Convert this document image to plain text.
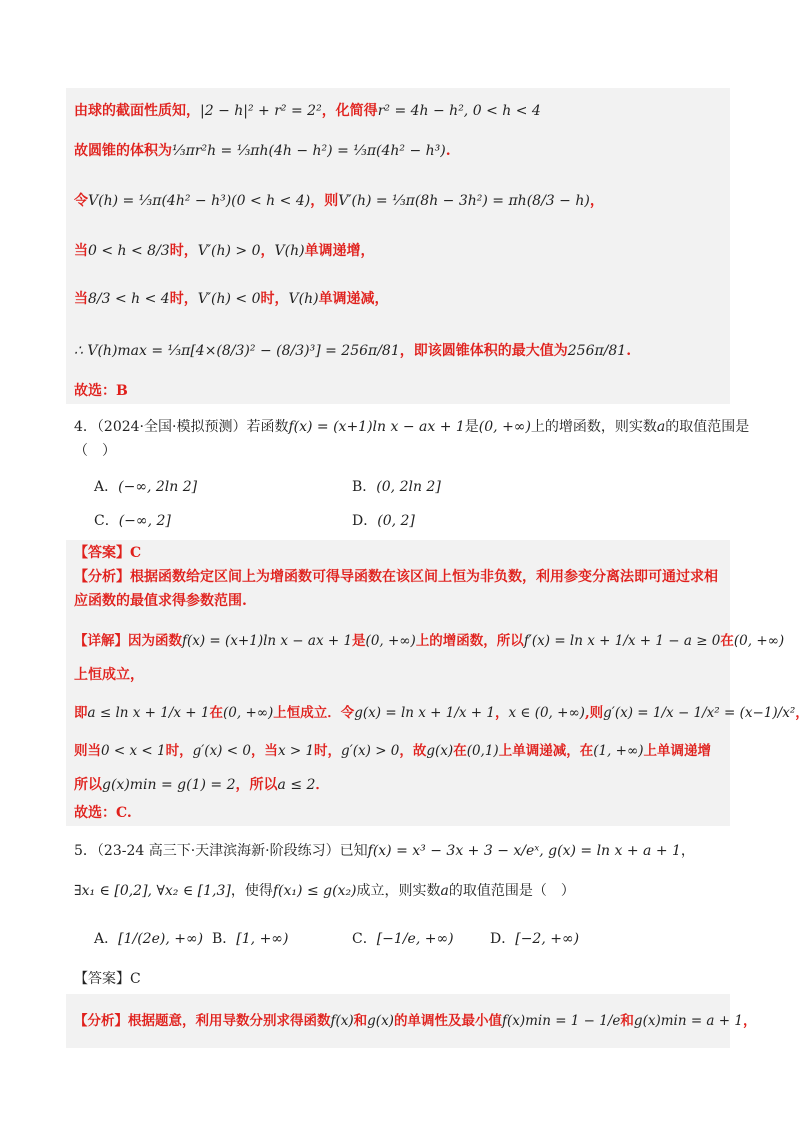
由球的截面性质知，|2 − h|² + r² = 2²，化简得r² = 4h − h², 0 < h < 4
故圆锥的体积为⅓πr²h = ⅓πh(4h − h²) = ⅓π(4h² − h³).
令V(h) = ⅓π(4h² − h³)(0 < h < 4)，则V′(h) = ⅓π(8h − 3h²) = πh(8/3 − h)，
当0 < h < 8/3时，V′(h) > 0，V(h)单调递增，
当8/3 < h < 4时，V′(h) < 0时，V(h)单调递减，
∴ V(h)max = ⅓π[4×(8/3)² − (8/3)³] = 256π/81，即该圆锥体积的最大值为256π/81.
故选：B
4．（2024·全国·模拟预测）若函数f(x) = (x+1)ln x − ax + 1是(0, +∞)上的增函数，则实数a的取值范围是
（　）
A．(−∞, 2ln 2]	B．(0, 2ln 2]
C．(−∞, 2]	D．(0, 2]
【答案】C
【分析】根据函数给定区间上为增函数可得导函数在该区间上恒为非负数，利用参变分离法即可通过求相
应函数的最值求得参数范围.
【详解】因为函数f(x) = (x+1)ln x − ax + 1是(0, +∞)上的增函数，所以f′(x) = ln x + 1/x + 1 − a ≥ 0在(0, +∞)
上恒成立，
即a ≤ ln x + 1/x + 1在(0, +∞)上恒成立．令g(x) = ln x + 1/x + 1，x ∈ (0, +∞),则g′(x) = 1/x − 1/x² = (x−1)/x²，
则当0 < x < 1时，g′(x) < 0，当x > 1时，g′(x) > 0，故g(x)在(0,1)上单调递减，在(1, +∞)上单调递增
所以g(x)min = g(1) = 2，所以a ≤ 2．
故选：C.
5．（23-24 高三下·天津滨海新·阶段练习）已知f(x) = x³ − 3x + 3 − x/eˣ, g(x) = ln x + a + 1，
∃x₁ ∈ [0,2], ∀x₂ ∈ [1,3]，使得f(x₁) ≤ g(x₂)成立，则实数a的取值范围是（　）
A．[1/(2e), +∞) B．[1, +∞)	C．[−1/e, +∞)	D．[−2, +∞)
【答案】C
【分析】根据题意，利用导数分别求得函数f(x)和g(x)的单调性及最小值f(x)min = 1 − 1/e和g(x)min = a + 1，
